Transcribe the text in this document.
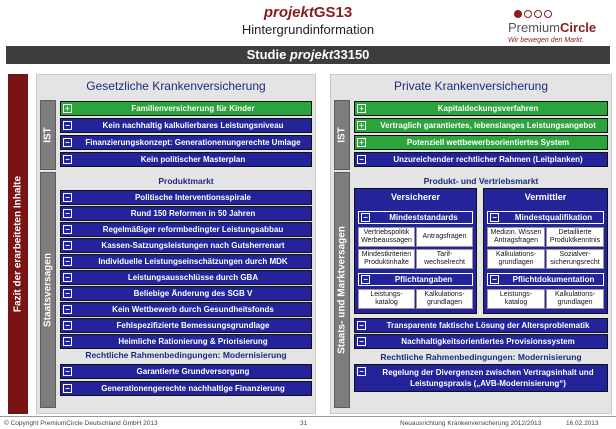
projektGS13
Hintergrundinformation	PremiumCircle
Wir bewegen den Markt.
Studie projekt33150
Fazit der erarbeiteten Inhalte
Gesetzliche Krankenversicherung
IST
Staatsversagen
+	Familienversicherung für Kinder
−	Kein nachhaltig kalkulierbares Leistungsniveau
−	Finanzierungskonzept: Generationenungerechte Umlage
−	Kein politischer Masterplan
Produktmarkt
−	Politische Interventionsspirale
−	Rund 150 Reformen in 50 Jahren
−	Regelmäßiger reformbedingter Leistungsabbau
−	Kassen-Satzungsleistungen nach Gutsherrenart
−	Individuelle Leistungseinschätzungen durch MDK
−	Leistungsausschlüsse durch GBA
−	Beliebige Änderung des SGB V
−	Kein Wettbewerb durch Gesundheitsfonds
−	Fehlspezifizierte Bemessungsgrundlage
−	Heimliche Rationierung & Priorisierung
Rechtliche Rahmenbedingungen: Modernisierung
−	Garantierte Grundversorgung
−	Generationengerechte nachhaltige Finanzierung
Private Krankenversicherung
IST
Staats- und Marktversagen
+	Kapitaldeckungsverfahren
+	Vertraglich garantiertes, lebenslanges Leistungsangebot
+	Potenziell wettbewerbsorientiertes System
−	Unzureichender rechtlicher Rahmen (Leitplanken)
Produkt- und Vertriebsmarkt
Versicherer
−	Mindeststandards
Vertriebspolitik Werbeaussagen
Antragsfragen
Mindestkriterien Produktinhalte
Tarif-wechselrecht
−	Pflichtangaben
Leistungs-katalog
Kalkulations-grundlagen
Vermittler
− Mindestqualifikation
Medizin. Wissen Antragsfragen
Detaillierte Produktkenntnis
Kalkulations-grundlagen
Sozialver-sicherungsrecht
− Pflichtdokumentation
Leistungs-katalog
Kalkulations-grundlagen
−	Transparente faktische Lösung der Altersproblematik
−	Nachhaltigkeitsorientiertes Provisionssystem
Rechtliche Rahmenbedingungen: Modernisierung
−	Regelung der Divergenzen zwischen Vertragsinhalt und Leistungspraxis („AVB-Modernisierung“)
© Copyright PremiumCircle Deutschland GmbH 2013	31	Neuausrichtung Krankenversicherung 2012/2013	16.02.2013
